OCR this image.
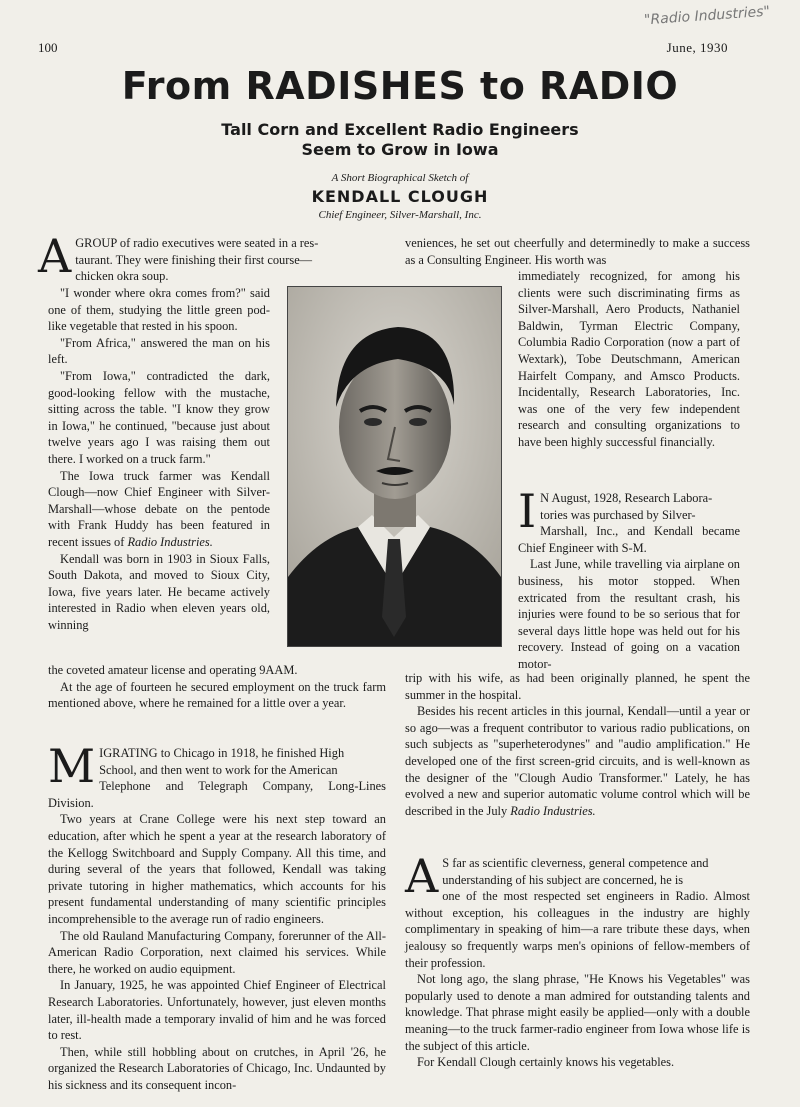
100	June, 1930
"Radio Industries"
From RADISHES to RADIO
Tall Corn and Excellent Radio Engineers
Seem to Grow in Iowa
A Short Biographical Sketch of
KENDALL CLOUGH
Chief Engineer, Silver-Marshall, Inc.
A GROUP of radio executives were seated in a res-
taurant. They were finishing their first course—
chicken okra soup.

"I wonder where okra comes from?" said one of them, studying the little green pod-like vegetable that rested in his spoon.

"From Africa," answered the man on his left.

"From Iowa," contradicted the dark, good-looking fellow with the mustache, sitting across the table. "I know they grow in Iowa," he continued, "because just about twelve years ago I was raising them out there. I worked on a truck farm."

The Iowa truck farmer was Kendall Clough—now Chief Engineer with Silver-Marshall—whose debate on the pentode with Frank Huddy has been featured in recent issues of Radio Industries.

Kendall was born in 1903 in Sioux Falls, South Dakota, and moved to Sioux City, Iowa, five years later. He became actively interested in Radio when eleven years old, winning

the coveted amateur license and operating 9AAM.

At the age of fourteen he secured employment on the truck farm mentioned above, where he remained for a little over a year.

M IGRATING to Chicago in 1918, he finished High
School, and then went to work for the American

Telephone and Telegraph Company, Long-Lines Division.

Two years at Crane College were his next step toward an education, after which he spent a year at the research laboratory of the Kellogg Switchboard and Supply Company. All this time, and during several of the years that followed, Kendall was taking private tutoring in higher mathematics, which accounts for his present fundamental understanding of many scientific principles incomprehensible to the average run of radio engineers.

The old Rauland Manufacturing Company, forerunner of the All-American Radio Corporation, next claimed his services. While there, he worked on audio equipment.

In January, 1925, he was appointed Chief Engineer of Electrical Research Laboratories. Unfortunately, however, just eleven months later, ill-health made a temporary invalid of him and he was forced to rest.

Then, while still hobbling about on crutches, in April '26, he organized the Research Laboratories of Chicago, Inc. Undaunted by his sickness and its consequent incon-

veniences, he set out cheerfully and determinedly to make a success as a Consulting Engineer. His worth was

immediately recognized, for among his clients were such discriminating firms as Silver-Marshall, Aero Products, Nathaniel Baldwin, Tyrman Electric Company, Columbia Radio Corporation (now a part of Wextark), Tobe Deutschmann, American Hairfelt Company, and Amsco Products. Incidentally, Research Laboratories, Inc. was one of the very few independent research and consulting organizations to have been highly successful financially.

I N August, 1928, Research Labora-
tories was purchased by Silver-

Marshall, Inc., and Kendall became Chief Engineer with S-M.

Last June, while travelling via airplane on business, his motor stopped. When extricated from the resultant crash, his injuries were found to be so serious that for several days little hope was held out for his recovery. Instead of going on a vacation motor-

trip with his wife, as had been originally planned, he spent the summer in the hospital.

Besides his recent articles in this journal, Kendall—until a year or so ago—was a frequent contributor to various radio publications, on such subjects as "superheterodynes" and "audio amplification." He developed one of the first screen-grid circuits, and is well-known as the designer of the "Clough Audio Transformer." Lately, he has evolved a new and superior automatic volume control which will be described in the July Radio Industries.

A S far as scientific cleverness, general competence and
understanding of his subject are concerned, he is

one of the most respected set engineers in Radio. Almost without exception, his colleagues in the industry are highly complimentary in speaking of him—a rare tribute these days, when jealousy so frequently warps men's opinions of fellow-members of their profession.

Not long ago, the slang phrase, "He Knows his Vegetables" was popularly used to denote a man admired for outstanding talents and knowledge. That phrase might easily be applied—only with a double meaning—to the truck farmer-radio engineer from Iowa whose life is the subject of this article.

For Kendall Clough certainly knows his vegetables.
